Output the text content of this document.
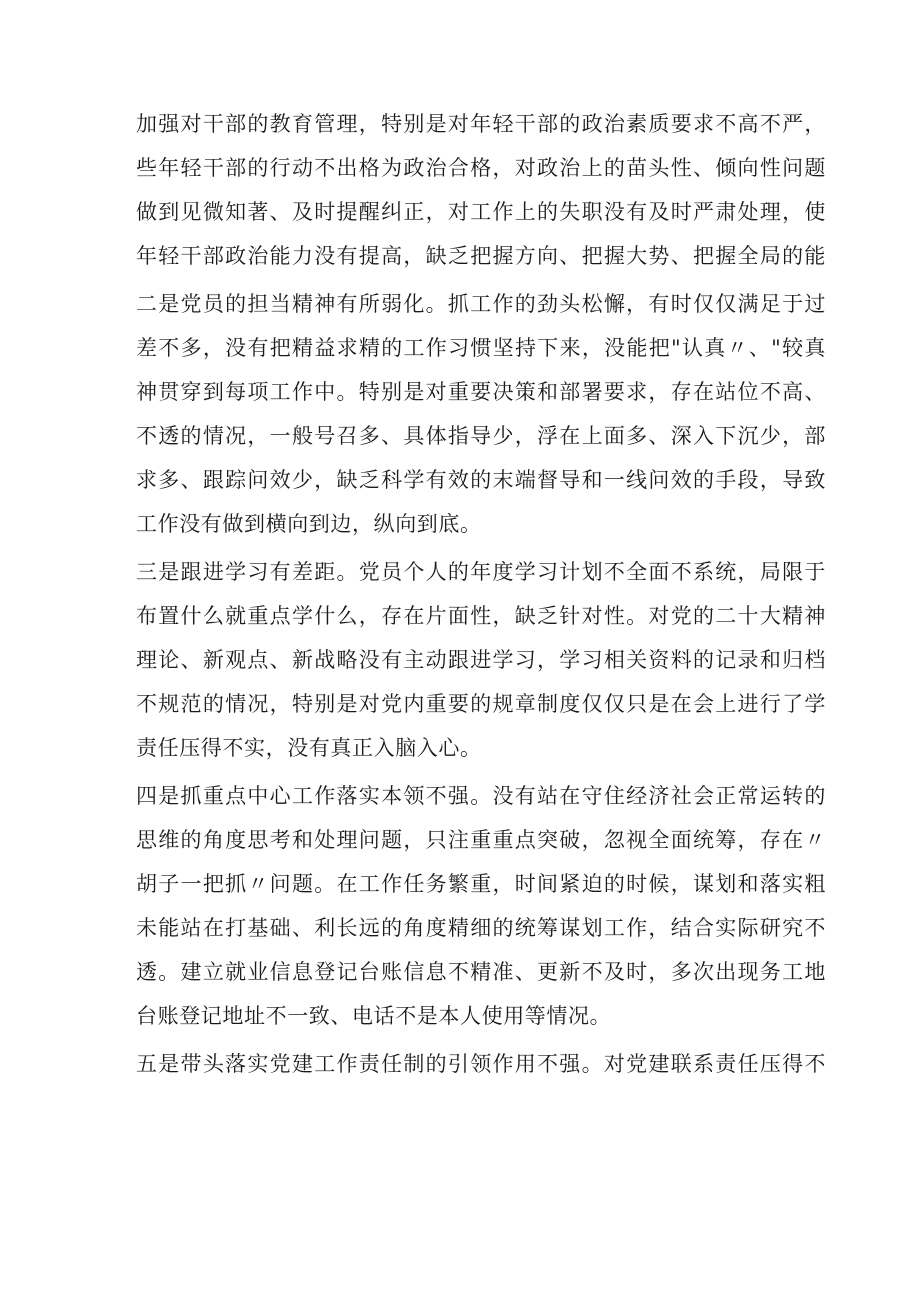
加强对干部的教育管理，特别是对年轻干部的政治素质要求不高不严，
些年轻干部的行动不出格为政治合格，对政治上的苗头性、倾向性问题
做到见微知著、及时提醒纠正，对工作上的失职没有及时严肃处理，使
年轻干部政治能力没有提高，缺乏把握方向、把握大势、把握全局的能
二是党员的担当精神有所弱化。抓工作的劲头松懈，有时仅仅满足于过
差不多，没有把精益求精的工作习惯坚持下来，没能把"认真〃、"较真
神贯穿到每项工作中。特别是对重要决策和部署要求，存在站位不高、
不透的情况，一般号召多、具体指导少，浮在上面多、深入下沉少，部
求多、跟踪问效少，缺乏科学有效的末端督导和一线问效的手段，导致
工作没有做到横向到边，纵向到底。
三是跟进学习有差距。党员个人的年度学习计划不全面不系统，局限于
布置什么就重点学什么，存在片面性，缺乏针对性。对党的二十大精神
理论、新观点、新战略没有主动跟进学习，学习相关资料的记录和归档
不规范的情况，特别是对党内重要的规章制度仅仅只是在会上进行了学
责任压得不实，没有真正入脑入心。
四是抓重点中心工作落实本领不强。没有站在守住经济社会正常运转的
思维的角度思考和处理问题，只注重重点突破，忽视全面统筹，存在〃
胡子一把抓〃问题。在工作任务繁重，时间紧迫的时候，谋划和落实粗
未能站在打基础、利长远的角度精细的统筹谋划工作，结合实际研究不
透。建立就业信息登记台账信息不精准、更新不及时，多次出现务工地
台账登记地址不一致、电话不是本人使用等情况。
五是带头落实党建工作责任制的引领作用不强。对党建联系责任压得不
